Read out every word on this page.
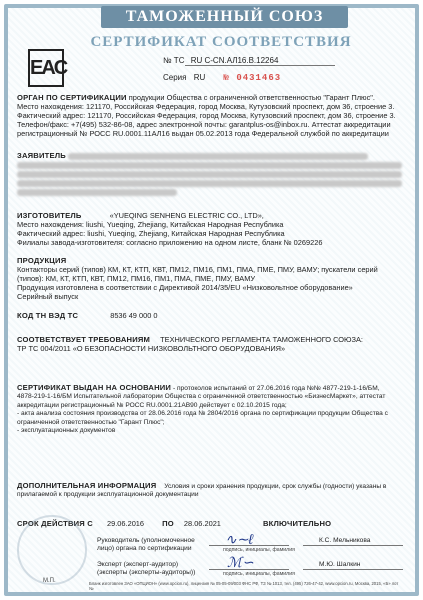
ТАМОЖЕННЫЙ СОЮЗ
EAC
СЕРТИФИКАТ СООТВЕТСТВИЯ
№ ТС RU С-CN.АЛ16.В.12264
Серия RU № 0431463
ОРГАН ПО СЕРТИФИКАЦИИ продукции Общества с ограниченной ответственностью "Гарант Плюс".
Место нахождения: 121170, Российская Федерация, город Москва, Кутузовский проспект, дом 36, строение 3.
Фактический адрес: 121170, Российская Федерация, город Москва, Кутузовский проспект, дом 36, строение 3.
Телефон/факс: +7(495) 532-86-08, адрес электронной почты: garantplus-os@inbox.ru. Аттестат аккредитации
регистрационный № РОСС RU.0001.11АЛ16 выдан 05.02.2013 года Федеральной службой по аккредитации
ЗАЯВИТЕЛЬ

ИЗГОТОВИТЕЛЬ	«YUEQING SENHENG ELECTRIC CO., LTD»,
Место нахождения: liushi, Yueqing, Zhejiang, Китайская Народная Республика
Фактический адрес: liushi, Yueqing, Zhejiang, Китайская Народная Республика
Филиалы завода-изготовителя: согласно приложению на одном листе, бланк № 0269226
ПРОДУКЦИЯ
Контакторы серий (типов) КМ, КТ, КТП, КВТ, ПМ12, ПМ16, ПМ1, ПМА, ПМЕ, ПМУ, ВАМУ; пускатели серий
(типов): КМ, КТ, КТП, КВТ, ПМ12, ПМ16, ПМ1, ПМА, ПМЕ, ПМУ, ВАМУ
Продукция изготовлена в соответствии с Директивой 2014/35/EU «Низковольтное оборудование»
Серийный выпуск
КОД ТН ВЭД ТС	8536 49 000 0
СООТВЕТСТВУЕТ ТРЕБОВАНИЯМ ТЕХНИЧЕСКОГО РЕГЛАМЕНТА ТАМОЖЕННОГО СОЮЗА:
ТР ТС 004/2011 «О БЕЗОПАСНОСТИ НИЗКОВОЛЬТНОГО ОБОРУДОВАНИЯ»
СЕРТИФИКАТ ВЫДАН НА ОСНОВАНИИ - протоколов испытаний от 27.06.2016 года №№ 4877-219-1-16/БМ,
4878-219-1-16/БМ Испытательной лаборатории Общества с ограниченной ответственностью «БизнесМаркет», аттестат
аккредитации регистрационный № РОСС RU.0001.21АВ90 действует с 02.10.2015 года;
- акта анализа состояния производства от 28.06.2016 года № 2804/2016 органа по сертификации продукции Общества с
ограниченной ответственностью "Гарант Плюс";
- эксплуатационных документов
ДОПОЛНИТЕЛЬНАЯ ИНФОРМАЦИЯ Условия и сроки хранения продукции, срок службы (годности) указаны в
прилагаемой к продукции эксплуатационной документации
СРОК ДЕЙСТВИЯ С 29.06.2016 ПО 28.06.2021	ВКЛЮЧИТЕЛЬНО
М.П.
Руководитель (уполномоченное
лицо) органа по сертификации
∿∼ℓ
подпись, инициалы, фамилия
К.С. Мельникова
Эксперт (эксперт-аудитор)
(эксперты (эксперты-аудиторы))
ℳ∽
подпись, инициалы, фамилия
М.Ю. Шалкин
Бланк изготовлен ЗАО «ОПЦИОН» (www.opcion.ru), лицензия № 05-05-09/003 ФНС РФ, ТЗ № 1013, тел. (495) 726-47-42, www.opcion.ru, Москва, 2015, «Б» лот №
